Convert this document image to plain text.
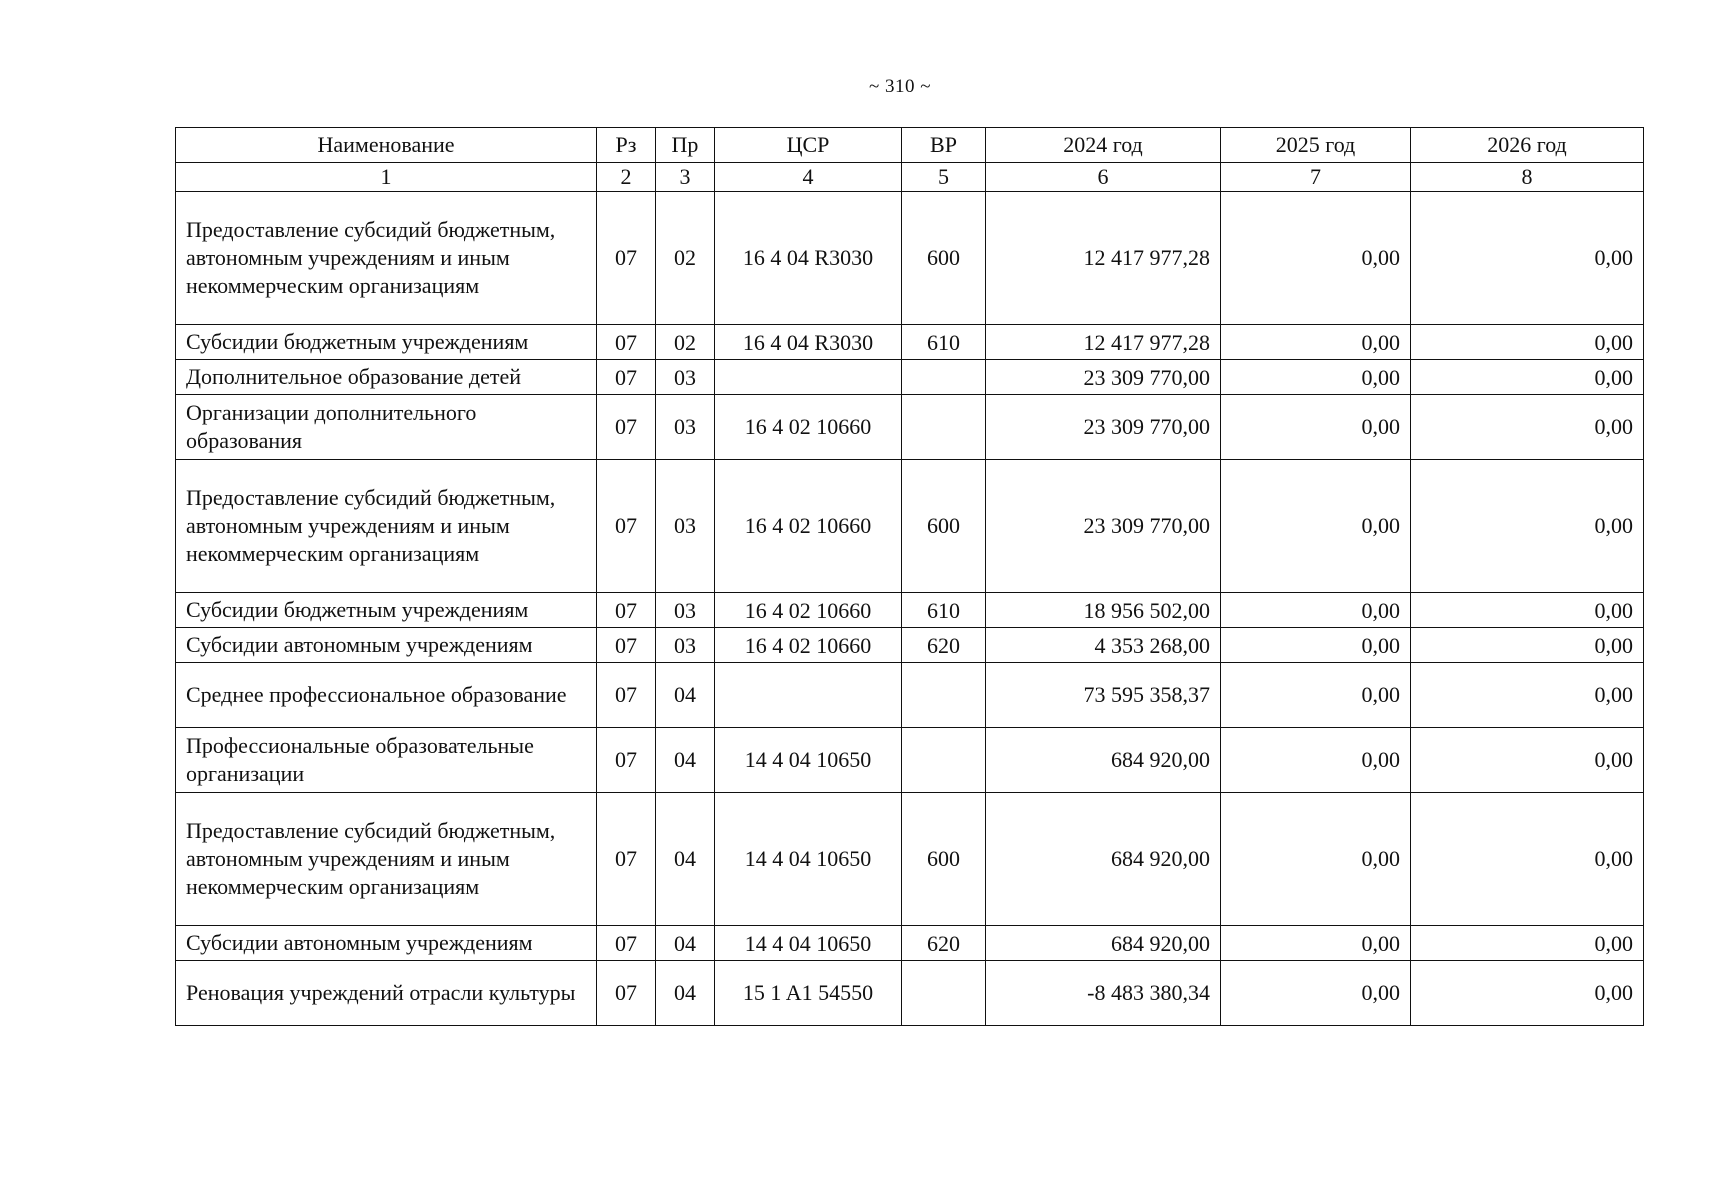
~ 310 ~
Наименование	Рз	Пр	ЦСР	ВР	2024 год	2025 год	2026 год
1	2	3	4	5	6	7	8
Предоставление субсидий бюджетным, автономным учреждениям и иным некоммерческим организациям	07	02	16 4 04 R3030	600	12 417 977,28	0,00	0,00
Субсидии бюджетным учреждениям	07	02	16 4 04 R3030	610	12 417 977,28	0,00	0,00
Дополнительное образование детей	07	03			23 309 770,00	0,00	0,00
Организации дополнительного образования	07	03	16 4 02 10660		23 309 770,00	0,00	0,00
Предоставление субсидий бюджетным, автономным учреждениям и иным некоммерческим организациям	07	03	16 4 02 10660	600	23 309 770,00	0,00	0,00
Субсидии бюджетным учреждениям	07	03	16 4 02 10660	610	18 956 502,00	0,00	0,00
Субсидии автономным учреждениям	07	03	16 4 02 10660	620	4 353 268,00	0,00	0,00
Среднее профессиональное образование	07	04			73 595 358,37	0,00	0,00
Профессиональные образовательные организации	07	04	14 4 04 10650		684 920,00	0,00	0,00
Предоставление субсидий бюджетным, автономным учреждениям и иным некоммерческим организациям	07	04	14 4 04 10650	600	684 920,00	0,00	0,00
Субсидии автономным учреждениям	07	04	14 4 04 10650	620	684 920,00	0,00	0,00
Реновация учреждений отрасли культуры	07	04	15 1 A1 54550		-8 483 380,34	0,00	0,00
